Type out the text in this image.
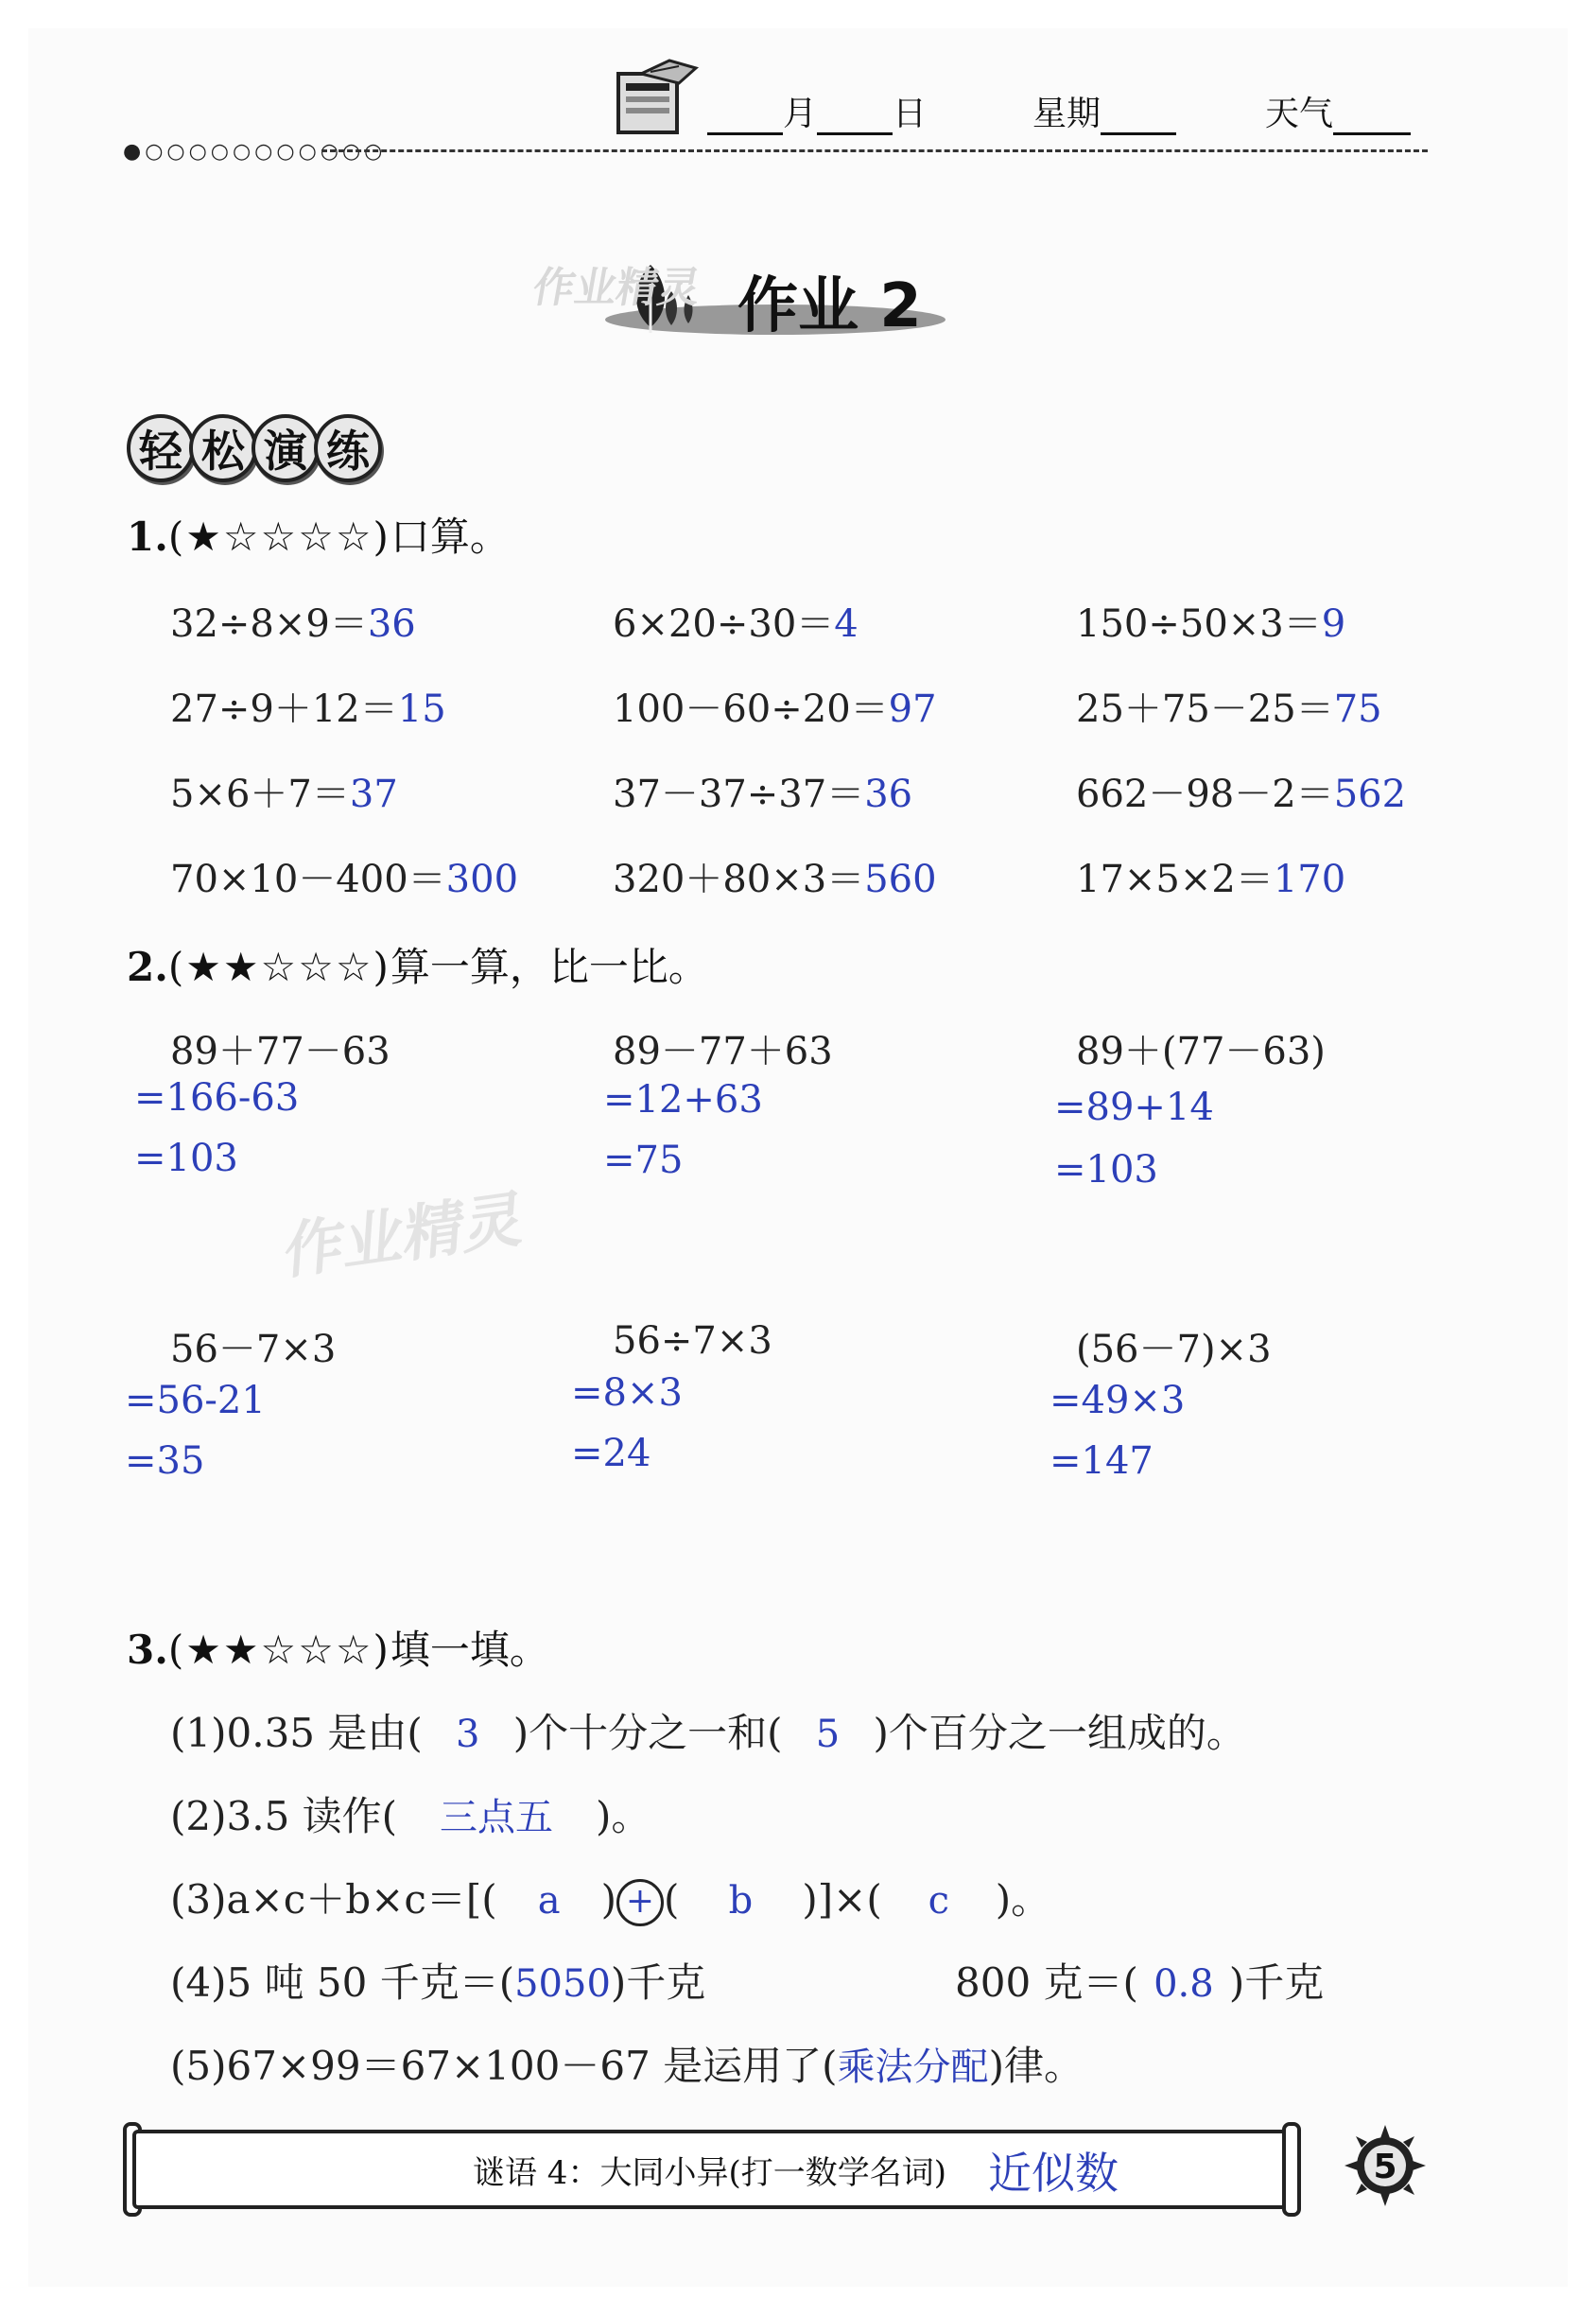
月 日	星期	天气
●○○○○○○○○○○○
作业精灵 作业 2
轻 松 演 练
1.(★☆☆☆☆)口算。
32÷8×9＝36	6×20÷30＝4	150÷50×3＝9
27÷9＋12＝15	100－60÷20＝97	25＋75－25＝75
5×6＋7＝37	37－37÷37＝36	662－98－2＝562
70×10－400＝300 320＋80×3＝560	17×5×2＝170
2.(★★☆☆☆)算一算，比一比。
89＋77－63
=166-63
=103
89－77＋63
=12+63
=75
89＋(77－63)
=89+14
=103
作业精灵
56－7×3
=56-21
=35
56÷7×3
=8×3
=24
(56－7)×3
=49×3
=147
3.(★★☆☆☆)填一填。
(1)0.35 是由( 3 )个十分之一和( 5 )个百分之一组成的。
(2)3.5 读作( 三点五 )。
(3)a×c＋b×c＝[( a ) + ( b )]×( c )。
(4)5 吨 50 千克＝(5050)千克	800 克＝( 0.8 )千克
(5)67×99＝67×100－67 是运用了(乘法分配)律。
谜语 4：大同小异(打一数学名词) 近似数	5
